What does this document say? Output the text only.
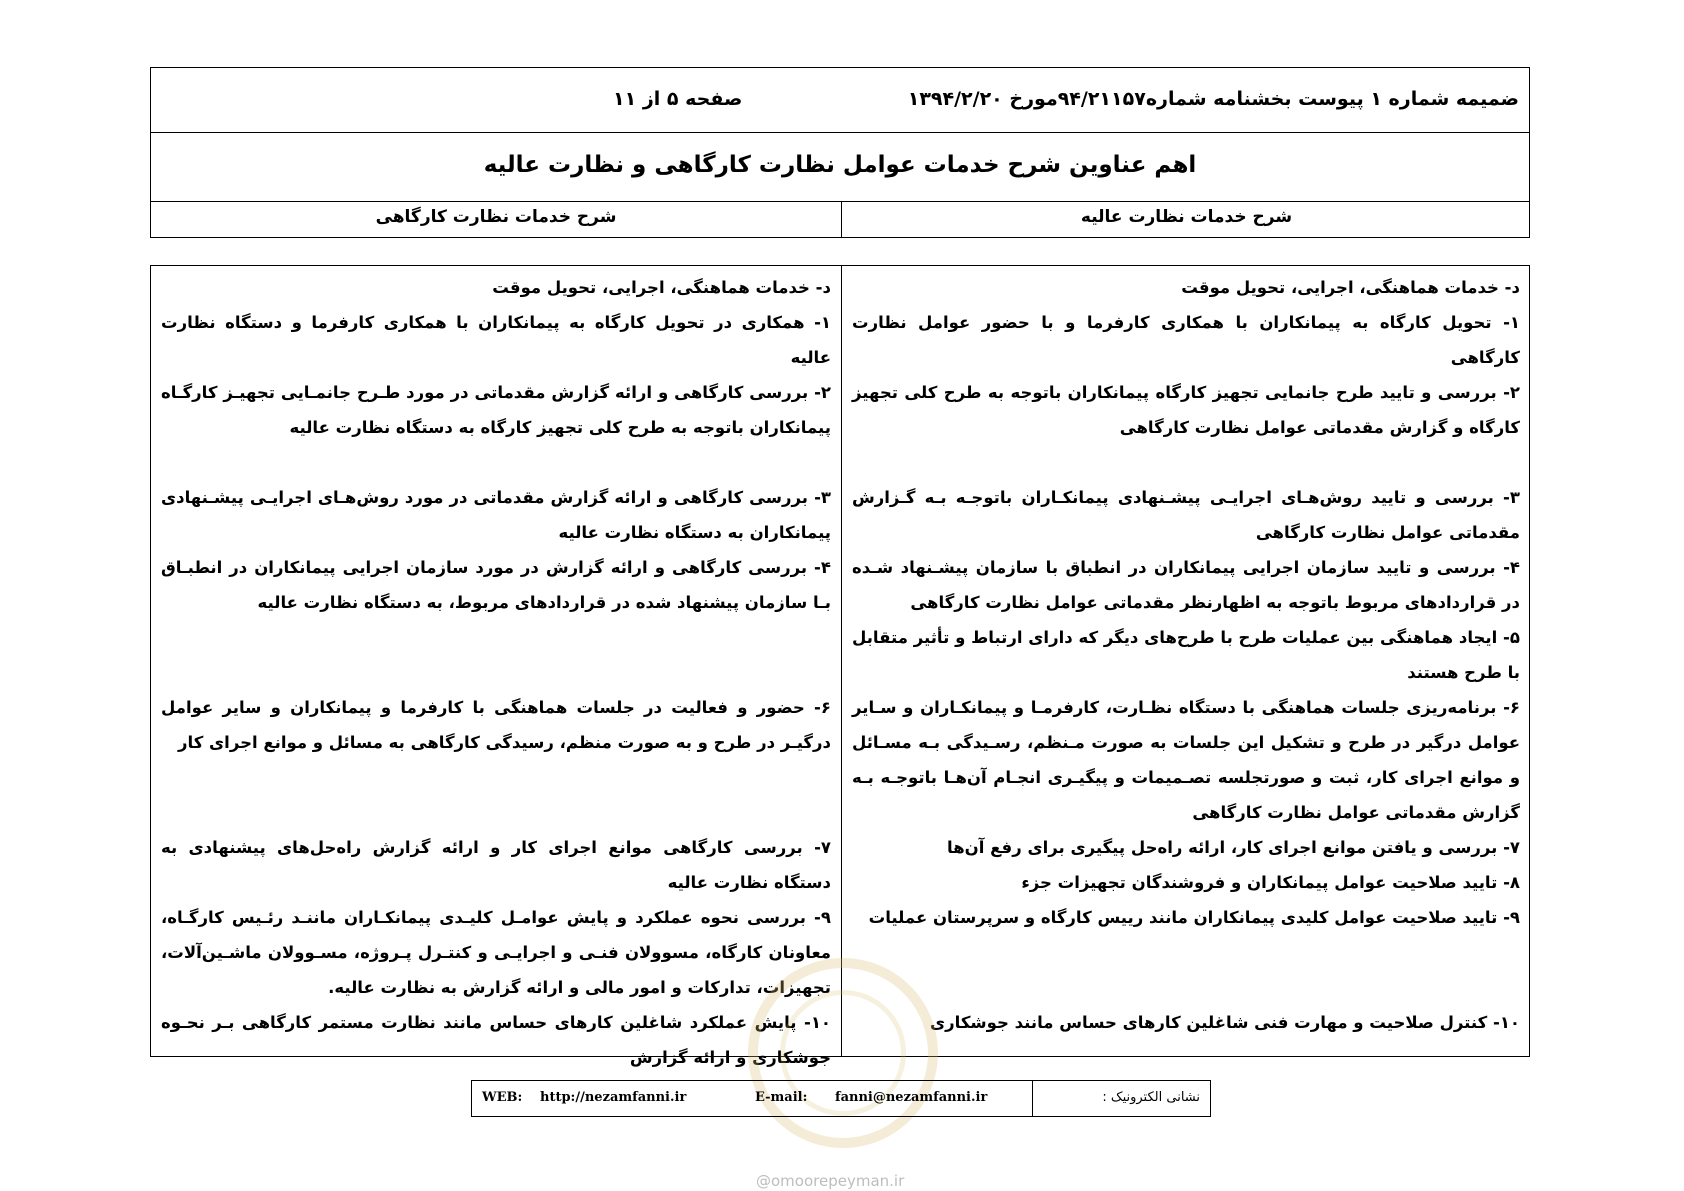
ضمیمه شماره ۱ پیوست بخشنامه شماره۹۴/۲۱۱۵۷مورخ ۱۳۹۴/۲/۲۰
صفحه ۵ از ۱۱
اهم عناوین شرح خدمات عوامل نظارت کارگاهی و نظارت عالیه
شرح خدمات نظارت عالیه
شرح خدمات نظارت کارگاهی

د- خدمات هماهنگی، اجرایی، تحویل موقت

۱- تحویل کارگاه به پیمانکاران با همکاری کارفرما و با حضور عوامل نظارت کارگاهی

۲- بررسی و تایید طرح جانمایی تجهیز کارگاه پیمانکاران باتوجه به طرح کلی تجهیز کارگاه و گزارش مقدماتی عوامل نظارت کارگاهی

۳- بررسی و تایید روش‌هـای اجرایـی پیشـنهادی پیمانکـاران باتوجـه بـه گـزارش مقدماتی عوامل نظارت کارگاهی

۴- بررسی و تایید سازمان اجرایی پیمانکاران در انطباق با سازمان پیشـنهاد شـده در قراردادهای مربوط باتوجه به اظهارنظر مقدماتی عوامل نظارت کارگاهی

۵- ایجاد هماهنگی بین عملیات طرح با طرح‌های دیگر که دارای ارتباط و تأثیر متقابل با طرح هستند

۶- برنامه‌ریزی جلسات هماهنگی با دستگاه نظـارت، کارفرمـا و پیمانکـاران و سـایر عوامل درگیر در طرح و تشکیل این جلسات به صورت مـنظم، رسـیدگی بـه مسـائل و موانع اجرای کار، ثبت و صورتجلسه تصـمیمات و پیگیـری انجـام آن‌هـا باتوجـه بـه گزارش مقدماتی عوامل نظارت کارگاهی

۷- بررسی و یافتن موانع اجرای کار، ارائه راه‌حل پیگیری برای رفع آن‌ها

۸- تایید صلاحیت عوامل پیمانکاران و فروشندگان تجهیزات جزء

۹- تایید صلاحیت عوامل کلیدی پیمانکاران مانند رییس کارگاه و سرپرستان عملیات

۱۰- کنترل صلاحیت و مهارت فنی شاغلین کارهای حساس مانند جوشکاری

د- خدمات هماهنگی، اجرایی، تحویل موقت

۱- همکاری در تحویل کارگاه به پیمانکاران با همکاری کارفرما و دستگاه نظارت عالیه

۲- بررسی کارگاهی و ارائه گزارش مقدماتی در مورد طـرح جانمـایی تجهیـز کارگـاه پیمانکاران باتوجه به طرح کلی تجهیز کارگاه به دستگاه نظارت عالیه

۳- بررسی کارگاهی و ارائه گزارش مقدماتی در مورد روش‌هـای اجرایـی پیشـنهادی پیمانکاران به دستگاه نظارت عالیه

۴- بررسی کارگاهی و ارائه گزارش در مورد سازمان اجرایی پیمانکاران در انطبـاق بـا سازمان پیشنهاد شده در قراردادهای مربوط، به دستگاه نظارت عالیه

۶- حضور و فعالیت در جلسات هماهنگی با کارفرما و پیمانکاران و سایر عوامل درگیـر در طرح و به صورت منظم، رسیدگی کارگاهی به مسائل و موانع اجرای کار

۷- بررسی کارگاهی موانع اجرای کار و ارائه گزارش راه‌حل‌های پیشنهادی به دستگاه نظارت عالیه

۹- بررسی نحوه عملکرد و پایش عوامـل کلیـدی پیمانکـاران ماننـد رئـیس کارگـاه، معاونان کارگاه، مسوولان فنـی و اجرایـی و کنتـرل پـروژه، مسـوولان ماشـین‌آلات، تجهیزات، تدارکات و امور مالی و ارائه گزارش به نظارت عالیه.

۱۰- پایش عملکرد شاغلین کارهای حساس مانند نظارت مستمر کارگاهی بـر نحـوه جوشکاری و ارائه گزارش

نشانی الکترونیک :
WEB: http://nezamfanni.ir	E-mail: fanni@nezamfanni.ir
@omoorepeyman.ir
